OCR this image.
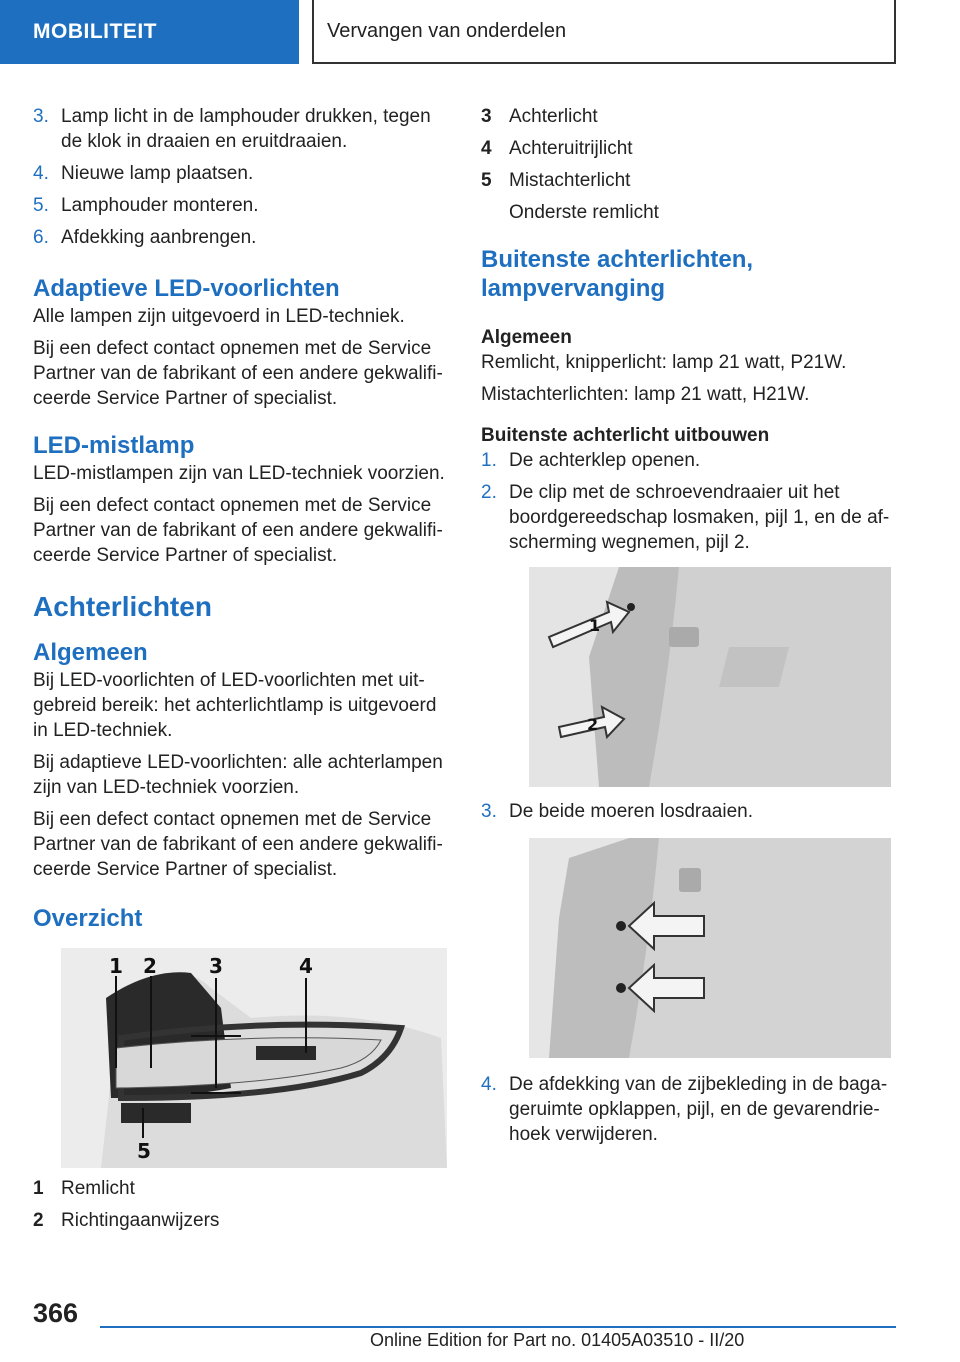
MOBILITEIT	Vervangen van onderdelen
3. Lamp licht in de lamphouder drukken, tegen de klok in draaien en eruitdraaien.
4. Nieuwe lamp plaatsen.
5. Lamphouder monteren.
6. Afdekking aanbrengen.
Adaptieve LED-voorlichten

Alle lampen zijn uitgevoerd in LED-techniek.

Bij een defect contact opnemen met de Service Partner van de fabrikant of een andere gekwalifi-ceerde Service Partner of specialist.

LED-mistlamp

LED-mistlampen zijn van LED-techniek voorzien.

Bij een defect contact opnemen met de Service Partner van de fabrikant of een andere gekwalifi-ceerde Service Partner of specialist.

Achterlichten
Algemeen

Bij LED-voorlichten of LED-voorlichten met uit-gebreid bereik: het achterlichtlamp is uitgevoerd in LED-techniek.

Bij adaptieve LED-voorlichten: alle achterlampen zijn van LED-techniek voorzien.

Bij een defect contact opnemen met de Service Partner van de fabrikant of een andere gekwalifi-ceerde Service Partner of specialist.

Overzicht
1 2	3	4
5
1 Remlicht
2 Richtingaanwijzers
3 Achterlicht
4 Achteruitrijlicht
5 Mistachterlicht
Onderste remlicht
Buitenste achterlichten, lampvervanging
Algemeen

Remlicht, knipperlicht: lamp 21 watt, P21W.

Mistachterlichten: lamp 21 watt, H21W.

Buitenste achterlicht uitbouwen
1. De achterklep openen.
2. De clip met de schroevendraaier uit het boordgereedschap losmaken, pijl 1, en de af-scherming wegnemen, pijl 2.
1
2
3. De beide moeren losdraaien.
4. De afdekking van de zijbekleding in de baga-geruimte opklappen, pijl, en de gevarendrie-hoek verwijderen.
366
Online Edition for Part no. 01405A03510 - II/20
